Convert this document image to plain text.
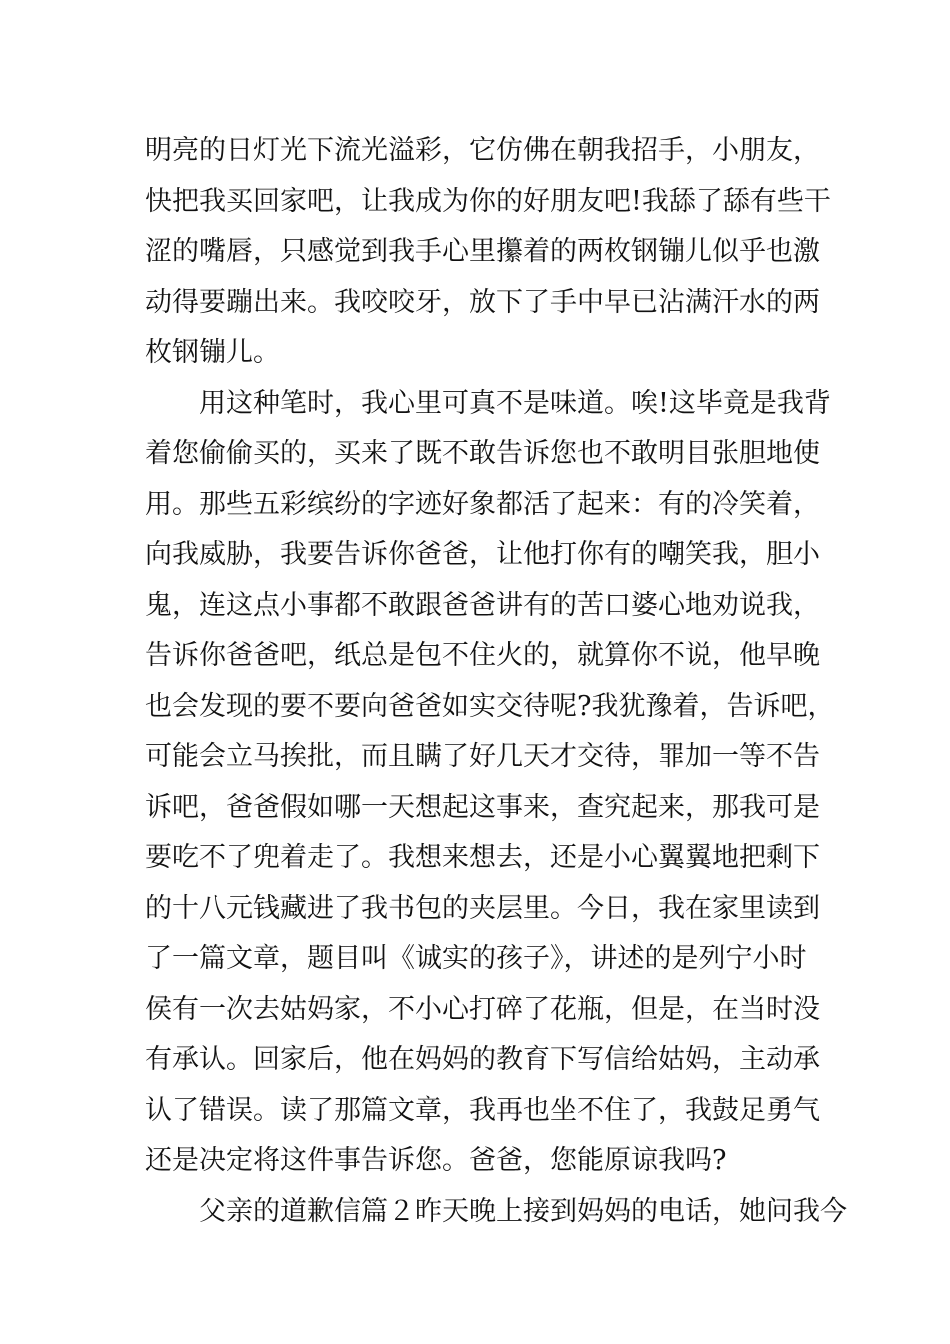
明亮的日灯光下流光溢彩，它仿佛在朝我招手，小朋友，
快把我买回家吧，让我成为你的好朋友吧!我舔了舔有些干
涩的嘴唇，只感觉到我手心里攥着的两枚钢镚儿似乎也激
动得要蹦出来。我咬咬牙，放下了手中早已沾满汗水的两
枚钢镚儿。
用这种笔时，我心里可真不是味道。唉!这毕竟是我背
着您偷偷买的，买来了既不敢告诉您也不敢明目张胆地使
用。那些五彩缤纷的字迹好象都活了起来：有的冷笑着，
向我威胁，我要告诉你爸爸，让他打你有的嘲笑我，胆小
鬼，连这点小事都不敢跟爸爸讲有的苦口婆心地劝说我，
告诉你爸爸吧，纸总是包不住火的，就算你不说，他早晚
也会发现的要不要向爸爸如实交待呢?我犹豫着，告诉吧，
可能会立马挨批，而且瞒了好几天才交待，罪加一等不告
诉吧，爸爸假如哪一天想起这事来，查究起来，那我可是
要吃不了兜着走了。我想来想去，还是小心翼翼地把剩下
的十八元钱藏进了我书包的夹层里。今日，我在家里读到
了一篇文章，题目叫《诚实的孩子》，讲述的是列宁小时
侯有一次去姑妈家，不小心打碎了花瓶，但是，在当时没
有承认。回家后，他在妈妈的教育下写信给姑妈，主动承
认了错误。读了那篇文章，我再也坐不住了，我鼓足勇气
还是决定将这件事告诉您。爸爸，您能原谅我吗?
父亲的道歉信篇２昨天晚上接到妈妈的电话，她问我今
